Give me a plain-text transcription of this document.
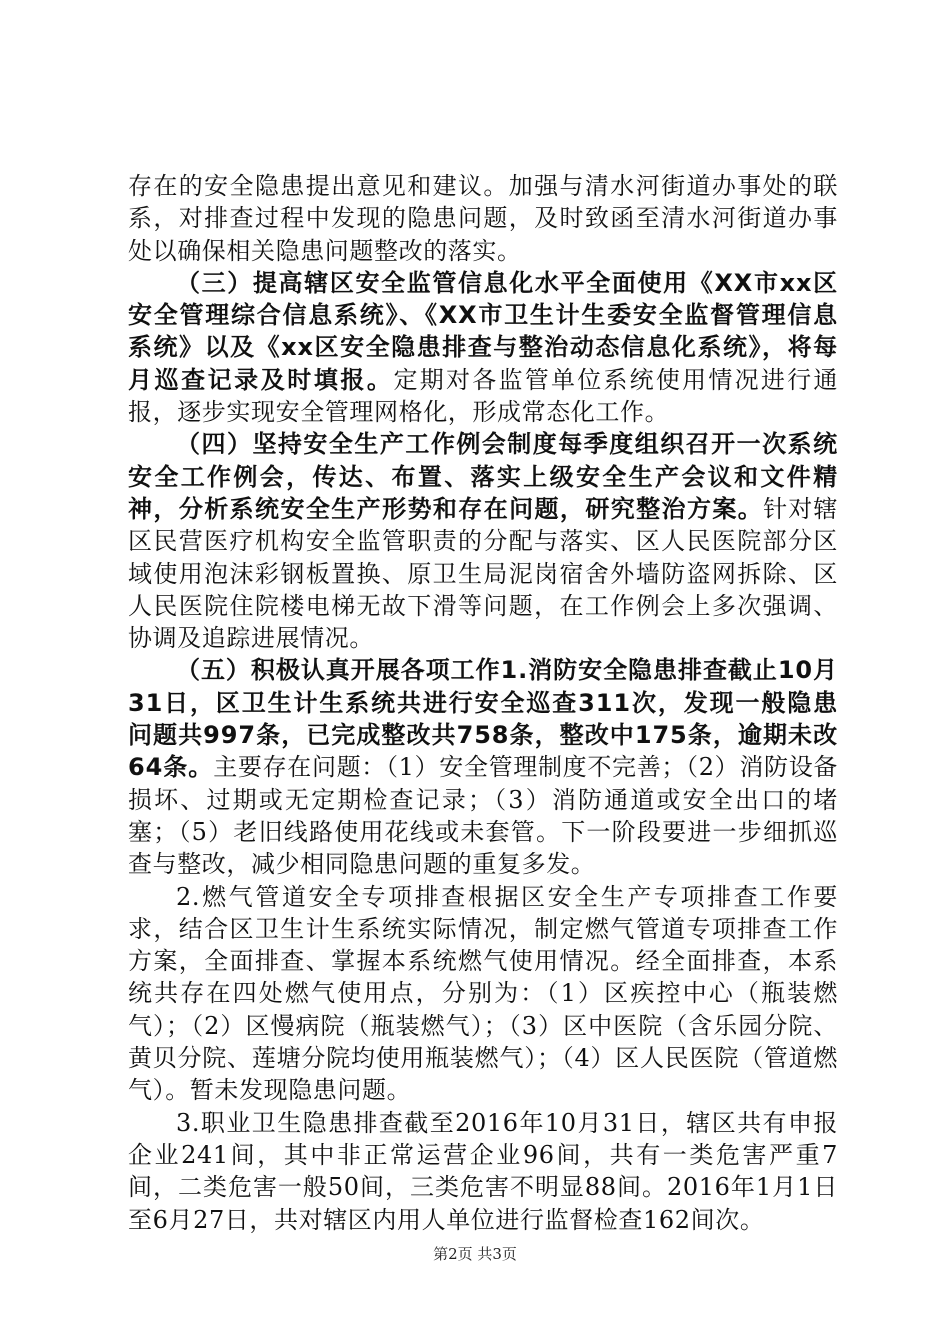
存在的安全隐患提出意见和建议。加强与清水河街道办事处的联系，对排查过程中发现的隐患问题，及时致函至清水河街道办事处以确保相关隐患问题整改的落实。

（三）提高辖区安全监管信息化水平全面使用《XX市xx区安全管理综合信息系统》、《XX市卫生计生委安全监督管理信息系统》以及《xx区安全隐患排查与整治动态信息化系统》，将每月巡查记录及时填报。定期对各监管单位系统使用情况进行通报，逐步实现安全管理网格化，形成常态化工作。

（四）坚持安全生产工作例会制度每季度组织召开一次系统安全工作例会，传达、布置、落实上级安全生产会议和文件精神，分析系统安全生产形势和存在问题，研究整治方案。针对辖区民营医疗机构安全监管职责的分配与落实、区人民医院部分区域使用泡沫彩钢板置换、原卫生局泥岗宿舍外墙防盗网拆除、区人民医院住院楼电梯无故下滑等问题，在工作例会上多次强调、协调及追踪进展情况。

（五）积极认真开展各项工作1.消防安全隐患排查截止10月31日，区卫生计生系统共进行安全巡查311次，发现一般隐患问题共997条，已完成整改共758条，整改中175条，逾期未改64条。主要存在问题：（1）安全管理制度不完善；（2）消防设备损坏、过期或无定期检查记录；（3）消防通道或安全出口的堵塞；（5）老旧线路使用花线或未套管。下一阶段要进一步细抓巡查与整改，减少相同隐患问题的重复多发。

2.燃气管道安全专项排查根据区安全生产专项排查工作要求，结合区卫生计生系统实际情况，制定燃气管道专项排查工作方案，全面排查、掌握本系统燃气使用情况。经全面排查，本系统共存在四处燃气使用点，分别为：（1）区疾控中心（瓶装燃气）；（2）区慢病院（瓶装燃气）；（3）区中医院（含乐园分院、黄贝分院、莲塘分院均使用瓶装燃气）；（4）区人民医院（管道燃气）。暂未发现隐患问题。

3.职业卫生隐患排查截至2016年10月31日，辖区共有申报企业241间，其中非正常运营企业96间，共有一类危害严重7间，二类危害一般50间，三类危害不明显88间。2016年1月1日至6月27日，共对辖区内用人单位进行监督检查162间次。

第2页 共3页
